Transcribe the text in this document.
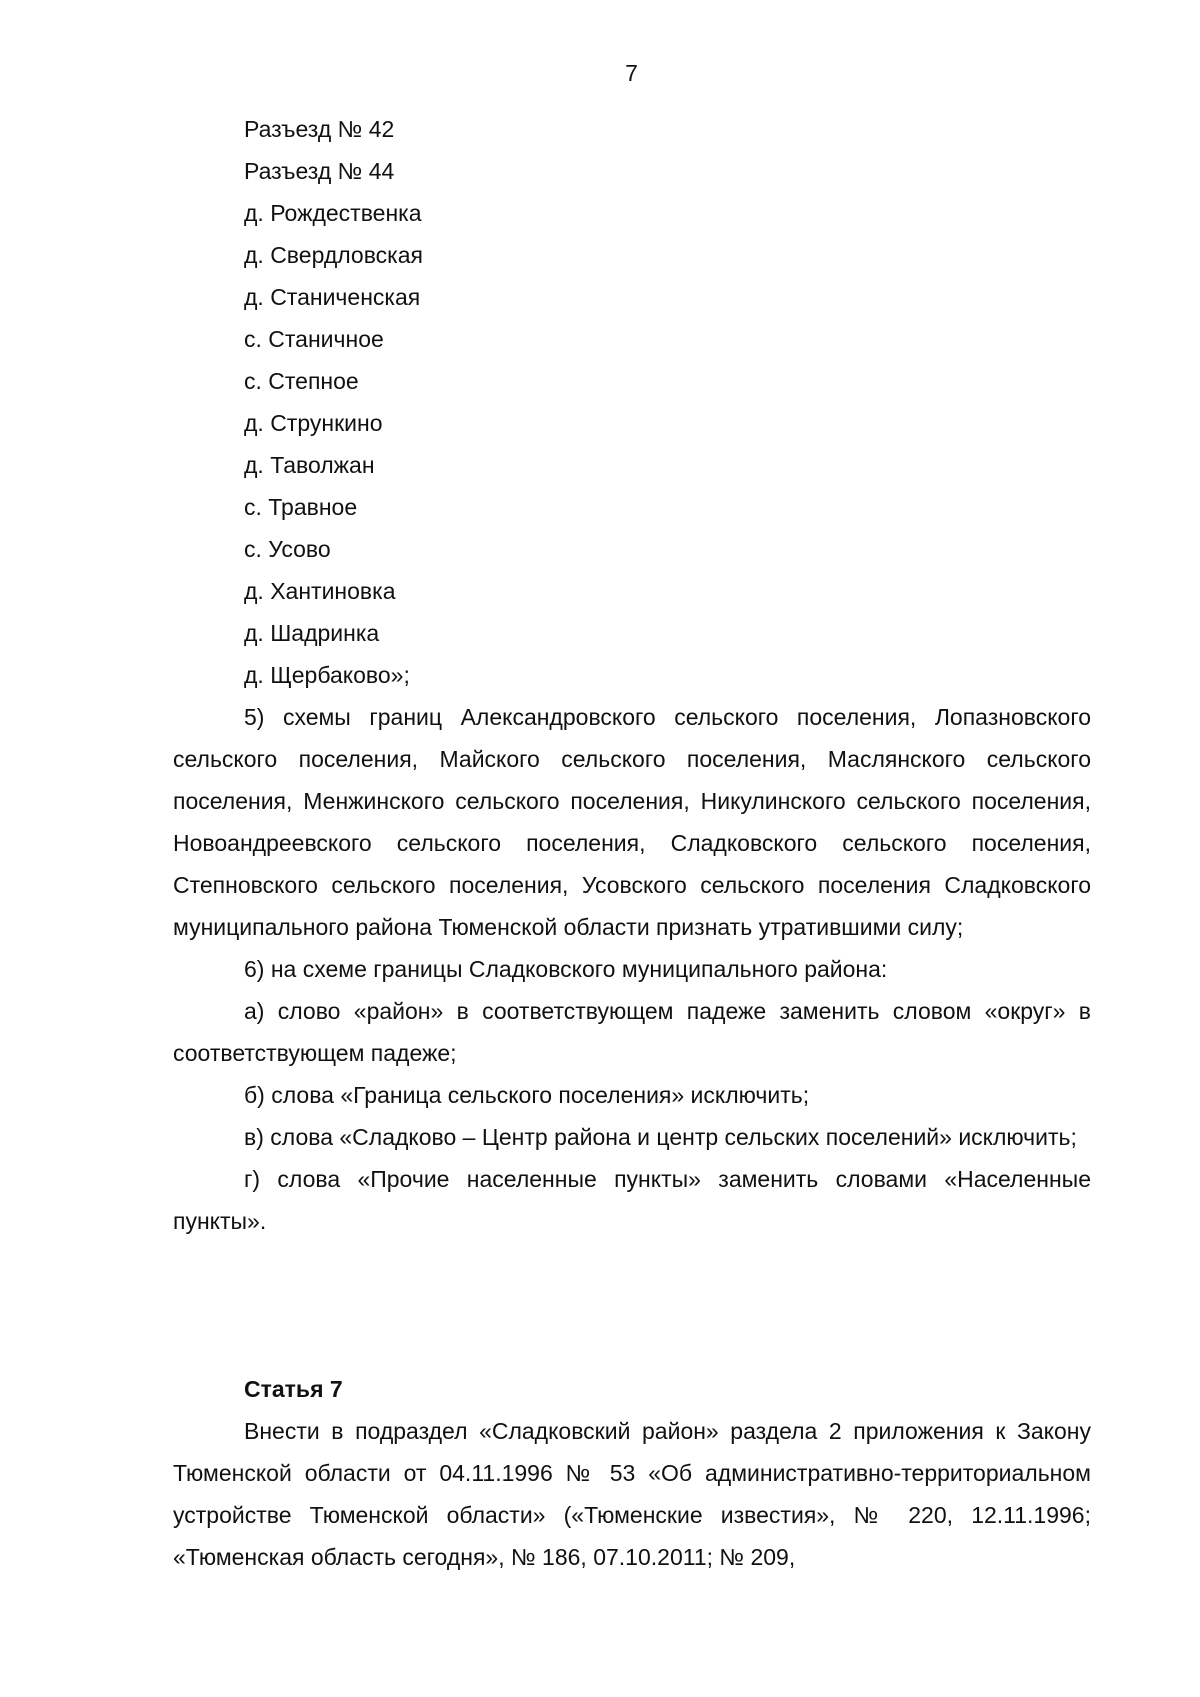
7
Разъезд № 42
Разъезд № 44
д. Рождественка
д. Свердловская
д. Станиченская
с. Станичное
с. Степное
д. Стрункино
д. Таволжан
с. Травное
с. Усово
д. Хантиновка
д. Шадринка
д. Щербаково»;

5) схемы границ Александровского сельского поселения, Лопазновского сельского поселения, Майского сельского поселения, Маслянского сельского поселения, Менжинского сельского поселения, Никулинского сельского поселения, Новоандреевского сельского поселения, Сладковского сельского поселения, Степновского сельского поселения, Усовского сельского поселения Сладковского муниципального района Тюменской области признать утратившими силу;

6) на схеме границы Сладковского муниципального района:

а) слово «район» в соответствующем падеже заменить словом «округ» в соответствующем падеже;

б) слова «Граница сельского поселения» исключить;

в) слова «Сладково – Центр района и центр сельских поселений» исключить;

г) слова «Прочие населенные пункты» заменить словами «Населенные пункты».

Статья 7

Внести в подраздел «Сладковский район» раздела 2 приложения к Закону Тюменской области от 04.11.1996 № 53 «Об административно-территориальном устройстве Тюменской области» («Тюменские известия», № 220, 12.11.1996; «Тюменская область сегодня», № 186, 07.10.2011; № 209,
